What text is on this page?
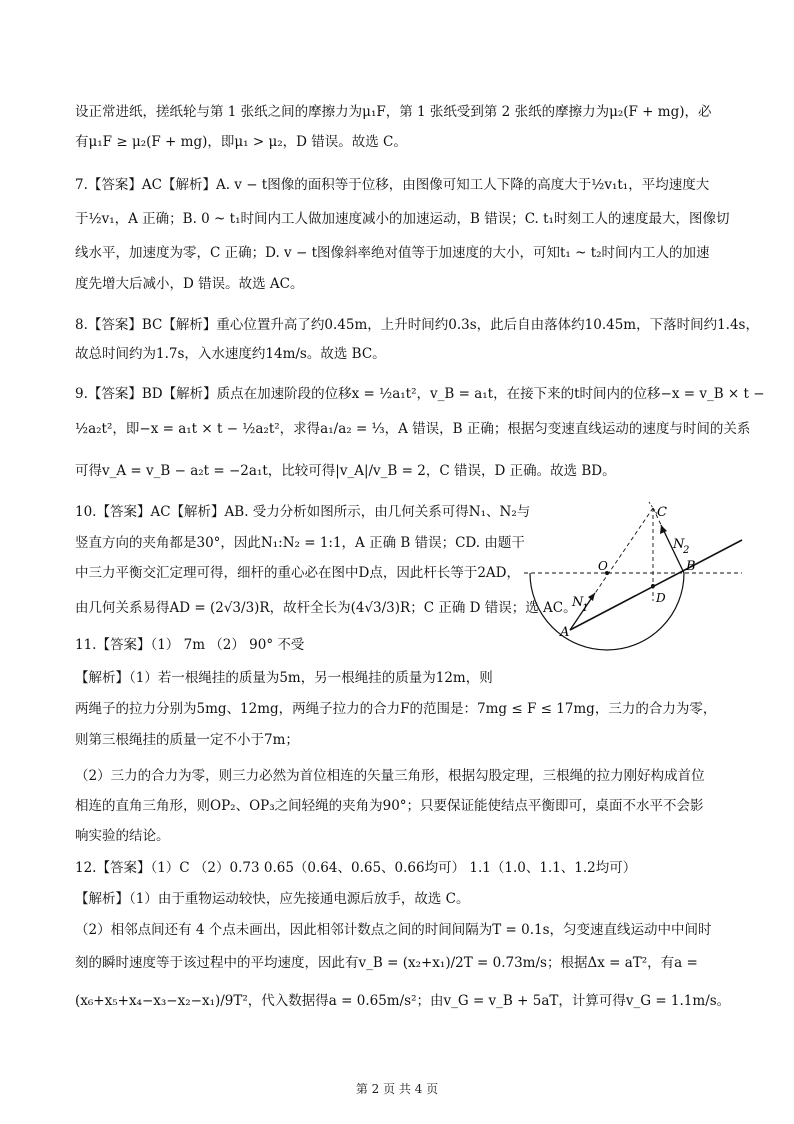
设正常进纸，搓纸轮与第 1 张纸之间的摩擦力为μ₁F，第 1 张纸受到第 2 张纸的摩擦力为μ₂(F + mg)，必
有μ₁F ≥ μ₂(F + mg)，即μ₁ > μ₂，D 错误。故选 C。
7.【答案】AC【解析】A. v − t图像的面积等于位移，由图像可知工人下降的高度大于½v₁t₁，平均速度大
于½v₁，A 正确；B. 0 ~ t₁时间内工人做加速度减小的加速运动，B 错误；C. t₁时刻工人的速度最大，图像切
线水平，加速度为零，C 正确；D. v − t图像斜率绝对值等于加速度的大小，可知t₁ ~ t₂时间内工人的加速
度先增大后减小，D 错误。故选 AC。
8.【答案】BC【解析】重心位置升高了约0.45m，上升时间约0.3s，此后自由落体约10.45m，下落时间约1.4s，
故总时间约为1.7s，入水速度约14m/s。故选 BC。
9.【答案】BD【解析】质点在加速阶段的位移x = ½a₁t²，v_B = a₁t，在接下来的t时间内的位移−x = v_B × t −
½a₂t²，即−x = a₁t × t − ½a₂t²，求得a₁/a₂ = ⅓，A 错误，B 正确；根据匀变速直线运动的速度与时间的关系
可得v_A = v_B − a₂t = −2a₁t，比较可得|v_A|/v_B = 2，C 错误，D 正确。故选 BD。
10.【答案】AC【解析】AB. 受力分析如图所示，由几何关系可得N₁、N₂与
竖直方向的夹角都是30°，因此N₁:N₂ = 1:1，A 正确 B 错误；CD. 由题干
中三力平衡交汇定理可得，细杆的重心必在图中D点，因此杆长等于2AD，
由几何关系易得AD = (2√3/3)R，故杆全长为(4√3/3)R；C 正确 D 错误；选 AC。
11.【答案】（1） 7m （2） 90° 不受
【解析】（1）若一根绳挂的质量为5m，另一根绳挂的质量为12m，则
两绳子的拉力分别为5mg、12mg，两绳子拉力的合力F的范围是：7mg ≤ F ≤ 17mg，三力的合力为零，
则第三根绳挂的质量一定不小于7m；
（2）三力的合力为零，则三力必然为首位相连的矢量三角形，根据勾股定理，三根绳的拉力刚好构成首位
相连的直角三角形，则OP₂、OP₃之间轻绳的夹角为90°；只要保证能使结点平衡即可，桌面不水平不会影
响实验的结论。
12.【答案】（1）C （2）0.73 0.65（0.64、0.65、0.66均可） 1.1（1.0、1.1、1.2均可）
【解析】（1）由于重物运动较快，应先接通电源后放手，故选 C。
（2）相邻点间还有 4 个点未画出，因此相邻计数点之间的时间间隔为T = 0.1s，匀变速直线运动中中间时
刻的瞬时速度等于该过程中的平均速度，因此有v_B = (x₂+x₁)/2T = 0.73m/s；根据Δx = aT²，有a =
(x₆+x₅+x₄−x₃−x₂−x₁)/9T²，代入数据得a = 0.65m/s²；由v_G = v_B + 5aT，计算可得v_G = 1.1m/s。
C
N
2
O	B
D
N
1
A
第 2 页 共 4 页
